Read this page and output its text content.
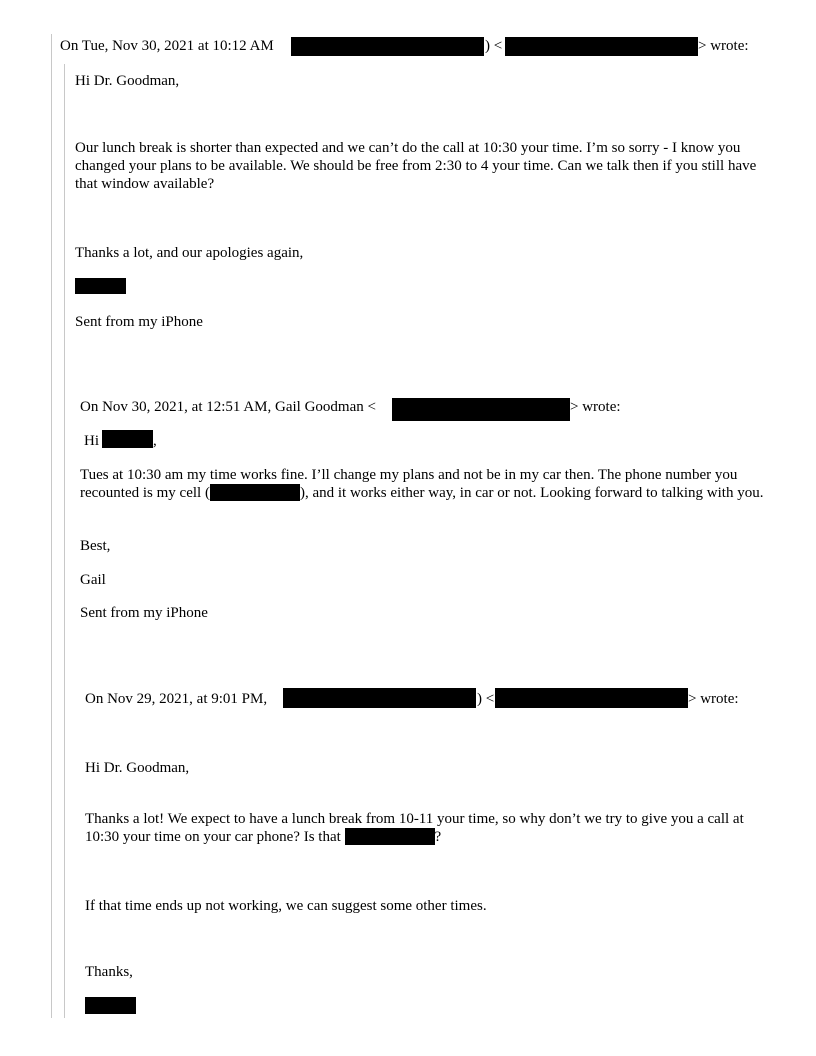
On Tue, Nov 30, 2021 at 10:12 AM	) <	> wrote:
Hi Dr. Goodman,
Our lunch break is shorter than expected and we can’t do the call at 10:30 your time. I’m so sorry - I know you changed your plans to be available. We should be free from 2:30 to 4 your time. Can we talk then if you still have that window available?
Thanks a lot, and our apologies again,
Sent from my iPhone
On Nov 30, 2021, at 12:51 AM, Gail Goodman <	> wrote:
Hi	,
Tues at 10:30 am my time works fine. I’ll change my plans and not be in my car then. The phone number you recounted is my cell (	), and it works either way, in car or not. Looking forward to talking with you.
Best,
Gail
Sent from my iPhone
On Nov 29, 2021, at 9:01 PM,	) <	> wrote:
Hi Dr. Goodman,
Thanks a lot! We expect to have a lunch break from 10-11 your time, so why don’t we try to give you a call at 10:30 your time on your car phone? Is that	?
If that time ends up not working, we can suggest some other times.
Thanks,
